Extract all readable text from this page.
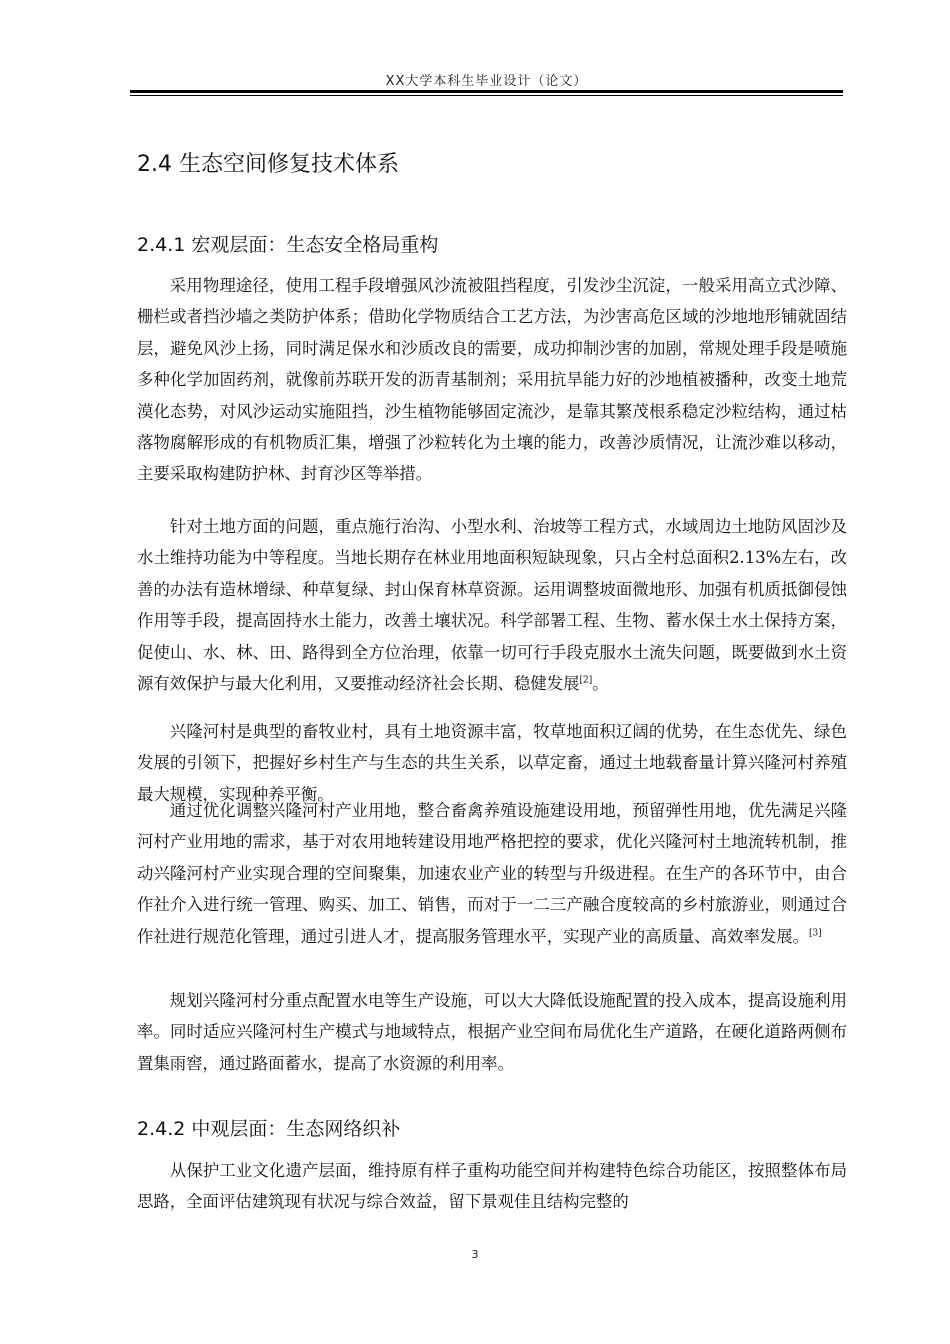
XX大学本科生毕业设计（论文）
2.4 生态空间修复技术体系
2.4.1 宏观层面：生态安全格局重构

采用物理途径，使用工程手段增强风沙流被阻挡程度，引发沙尘沉淀，一般采用高立式沙障、栅栏或者挡沙墙之类防护体系；借助化学物质结合工艺方法，为沙害高危区域的沙地地形铺就固结层，避免风沙上扬，同时满足保水和沙质改良的需要，成功抑制沙害的加剧，常规处理手段是喷施多种化学加固药剂，就像前苏联开发的沥青基制剂；采用抗旱能力好的沙地植被播种，改变土地荒漠化态势，对风沙运动实施阻挡，沙生植物能够固定流沙，是靠其繁茂根系稳定沙粒结构，通过枯落物腐解形成的有机物质汇集，增强了沙粒转化为土壤的能力，改善沙质情况，让流沙难以移动，主要采取构建防护林、封育沙区等举措。

针对土地方面的问题，重点施行治沟、小型水利、治坡等工程方式，水域周边土地防风固沙及水土维持功能为中等程度。当地长期存在林业用地面积短缺现象，只占全村总面积2.13%左右，改善的办法有造林增绿、种草复绿、封山保育林草资源。运用调整坡面微地形、加强有机质抵御侵蚀作用等手段，提高固持水土能力，改善土壤状况。科学部署工程、生物、蓄水保土水土保持方案，促使山、水、林、田、路得到全方位治理，依靠一切可行手段克服水土流失问题，既要做到水土资源有效保护与最大化利用，又要推动经济社会长期、稳健发展[2]。

兴隆河村是典型的畜牧业村，具有土地资源丰富，牧草地面积辽阔的优势，在生态优先、绿色发展的引领下，把握好乡村生产与生态的共生关系，以草定畜，通过土地载畜量计算兴隆河村养殖最大规模，实现种养平衡。

通过优化调整兴隆河村产业用地，整合畜禽养殖设施建设用地，预留弹性用地，优先满足兴隆河村产业用地的需求，基于对农用地转建设用地严格把控的要求，优化兴隆河村土地流转机制，推动兴隆河村产业实现合理的空间聚集，加速农业产业的转型与升级进程。在生产的各环节中，由合作社介入进行统一管理、购买、加工、销售，而对于一二三产融合度较高的乡村旅游业，则通过合作社进行规范化管理，通过引进人才，提高服务管理水平，实现产业的高质量、高效率发展。[3]

规划兴隆河村分重点配置水电等生产设施，可以大大降低设施配置的投入成本，提高设施利用率。同时适应兴隆河村生产模式与地域特点，根据产业空间布局优化生产道路，在硬化道路两侧布置集雨窖，通过路面蓄水，提高了水资源的利用率。

2.4.2 中观层面：生态网络织补

从保护工业文化遗产层面，维持原有样子重构功能空间并构建特色综合功能区，按照整体布局思路，全面评估建筑现有状况与综合效益，留下景观佳且结构完整的

3
